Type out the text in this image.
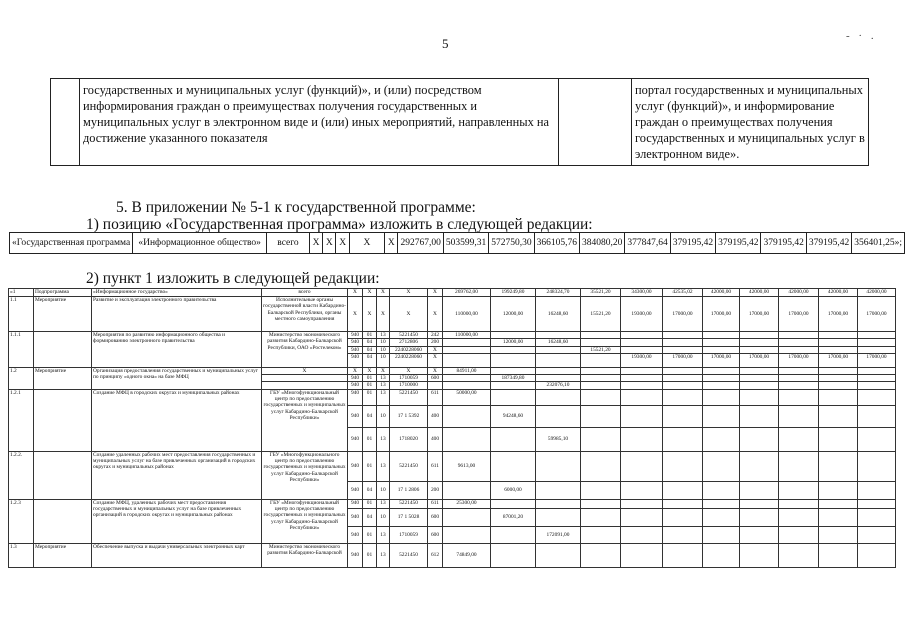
5	- · .
	государственных и муниципальных услуг (функций)», и (или) посредством информирования граждан о преимуществах получения государственных и муниципальных услуг в электронном виде и (или) иных мероприятий, направленных на достижение указанного показателя		портал государственных и муниципальных услуг (функций)», и информирование граждан о преимуществах получения государственных и муниципальных услуг в электронном виде».
5. В приложении № 5-1 к государственной программе:
1) позицию «Государственная программа» изложить в следующей редакции:
«Государственная программа	«Информационное общество»	всего	Х	Х	Х	Х	Х	292767,00	503599,31	572750,30	366105,76	384080,20	377847,64	379195,42	379195,42	379195,42	379195,42	356401,25»;
2) пункт 1 изложить в следующей редакции:
«1	Подпрограмма	«Информационное государство»	всего	Х	Х	Х	Х	Х	269762,00	199249,80	248324,70	35521,20	34300,00	42535,02	42000,00	42000,00	42000,00	42000,00	42000,00
1.1	Мероприятие	Развитие и эксплуатация электронного правительства	Исполнительные органы государственной власти Кабардино-Балкарской Республики, органы местного самоуправления	Х	Х	Х	Х	Х	110000,00	12000,00	16248,60	15521,20	19300,00	17000,00	17000,00	17000,00	17000,00	17000,00	17000,00
1.1.1		Мероприятия по развитию информационного общества и формированию электронного правительства	Министерство экономического развития Кабардино-Балкарской Республики, ОАО «Ростелеком»	940	01	13	5221450	242	110000,00										
				940	04	10	2712806	200		12000,00	16248,60								
				940	04	10	2240228060	Х				15521,20							
				940	04	10	2240228060	Х					19300,00	17000,00	17000,00	17000,00	17000,00	17000,00	17000,00
1.2	Мероприятие	Организация предоставления государственных и муниципальных услуг по принципу «одного окна» на базе МФЦ	Х	Х	Х	Х	Х	Х	84911,00										
				940	01	13	1710059	600		187349,80									
				940	01	13	1710000				232076,10								
1.2.1		Создание МФЦ в городских округах и муниципальных районах	ГБУ «Многофункциональный центр по предоставлению государственных и муниципальных услуг Кабардино-Балкарской Республики»	940	01	13	5221450	611	50000,00										
				940	04	10	17 1 5392	400		94248,60									
				940	01	13	1718020	400			59985,10								
1.2.2.		Создание удаленных рабочих мест предоставления государственных и муниципальных услуг на базе привлеченных организаций в городских округах и муниципальных районах	ГБУ «Многофункционального центр по предоставлению государственных и муниципальных услуг Кабардино-Балкарской Республики»	940	01	13	5221450	611	9613,00										
				940	04	10	17 1 2806	200		6000,00									
1.2.3		Создание МФЦ, удаленных рабочих мест предоставления государственных и муниципальных услуг на базе привлеченных организаций в городских округах и муниципальных районах	ГБУ «Многофункциональный центр по предоставлению государственных и муниципальных услуг Кабардино-Балкарской Республики»	940	01	13	5221450	611	25300,00										
				940	04	10	17 1 5028	600		87001,20									
				940	01	13	1710059	600			172091,00								
1.3	Мероприятие	Обеспечение выпуска и выдачи универсальных электронных карт	Министерство экономического развития Кабардино-Балкарской	940	01	13	5221450	612	74849,00										
